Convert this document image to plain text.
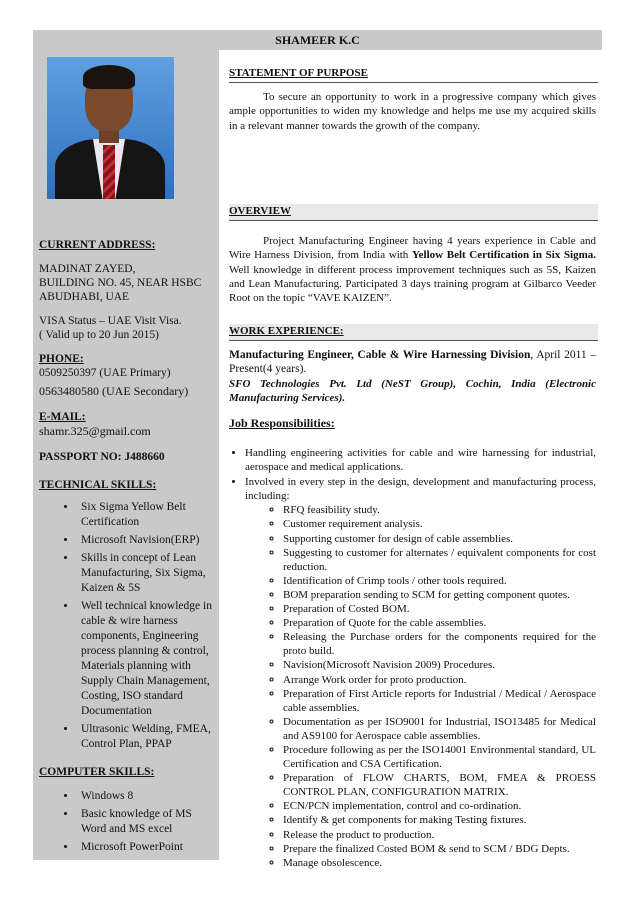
SHAMEER K.C
CURRENT ADDRESS:
MADINAT ZAYED,
BUILDING NO. 45, NEAR HSBC
ABUDHABI, UAE
VISA Status – UAE Visit Visa.
( Valid up to 20 Jun 2015)
PHONE:
0509250397 (UAE Primary)
0563480580 (UAE Secondary)
E-MAIL:
shamr.325@gmail.com
PASSPORT NO: J488660
TECHNICAL SKILLS:
• Six Sigma Yellow Belt Certification
• Microsoft Navision(ERP)
• Skills in concept of Lean Manufacturing, Six Sigma, Kaizen & 5S
• Well technical knowledge in cable & wire harness components, Engineering process planning & control, Materials planning with Supply Chain Management, Costing, ISO standard Documentation
• Ultrasonic Welding, FMEA, Control Plan, PPAP
COMPUTER SKILLS:
• Windows 8
• Basic knowledge of MS Word and MS excel
• Microsoft PowerPoint
STATEMENT OF PURPOSE
To secure an opportunity to work in a progressive company which gives ample opportunities to widen my knowledge and helps me use my acquired skills in a relevant manner towards the growth of the company.
OVERVIEW
Project Manufacturing Engineer having 4 years experience in Cable and Wire Harness Division, from India with Yellow Belt Certification in Six Sigma. Well knowledge in different process improvement techniques such as 5S, Kaizen and Lean Manufacturing. Participated 3 days training program at Gilbarco Veeder Root on the topic “VAVE KAIZEN”.
WORK EXPERIENCE:
Manufacturing Engineer, Cable & Wire Harnessing Division, April 2011 – Present(4 years).
SFO Technologies Pvt. Ltd (NeST Group), Cochin, India (Electronic Manufacturing Services).
Job Responsibilities:
• Handling engineering activities for cable and wire harnessing for industrial, aerospace and medical applications.
• Involved in every step in the design, development and manufacturing process, including:
◦ RFQ feasibility study.
◦ Customer requirement analysis.
◦ Supporting customer for design of cable assemblies.
◦ Suggesting to customer for alternates / equivalent components for cost reduction.
◦ Identification of Crimp tools / other tools required.
◦ BOM preparation sending to SCM for getting component quotes.
◦ Preparation of Costed BOM.
◦ Preparation of Quote for the cable assemblies.
◦ Releasing the Purchase orders for the components required for the proto build.
◦ Navision(Microsoft Navision 2009) Procedures.
◦ Arrange Work order for proto production.
◦ Preparation of First Article reports for Industrial / Medical / Aerospace cable assemblies.
◦ Documentation as per ISO9001 for Industrial, ISO13485 for Medical and AS9100 for Aerospace cable assemblies.
◦ Procedure following as per the ISO14001 Environmental standard, UL Certification and CSA Certification.
◦ Preparation of FLOW CHARTS, BOM, FMEA & PROESS CONTROL PLAN, CONFIGURATION MATRIX.
◦ ECN/PCN implementation, control and co-ordination.
◦ Identify & get components for making Testing fixtures.
◦ Release the product to production.
◦ Prepare the finalized Costed BOM & send to SCM / BDG Depts.
◦ Manage obsolescence.
